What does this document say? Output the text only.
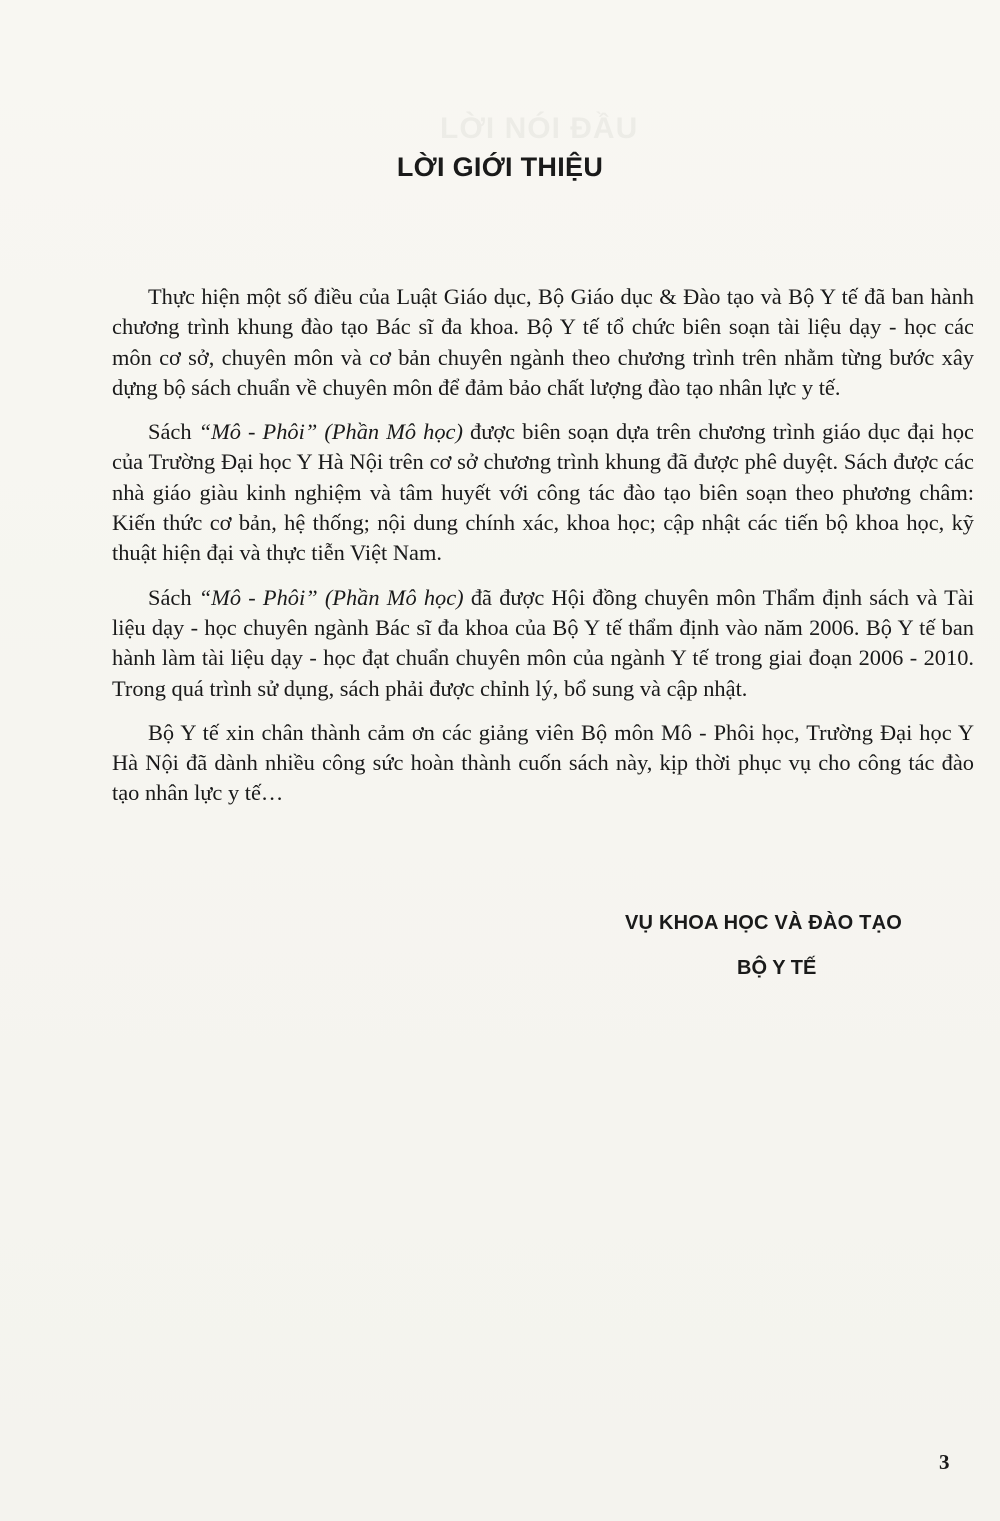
LỜI GIỚI THIỆU

Thực hiện một số điều của Luật Giáo dục, Bộ Giáo dục & Đào tạo và Bộ Y tế đã ban hành chương trình khung đào tạo Bác sĩ đa khoa. Bộ Y tế tổ chức biên soạn tài liệu dạy - học các môn cơ sở, chuyên môn và cơ bản chuyên ngành theo chương trình trên nhằm từng bước xây dựng bộ sách chuẩn về chuyên môn để đảm bảo chất lượng đào tạo nhân lực y tế.

Sách “Mô - Phôi” (Phần Mô học) được biên soạn dựa trên chương trình giáo dục đại học của Trường Đại học Y Hà Nội trên cơ sở chương trình khung đã được phê duyệt. Sách được các nhà giáo giàu kinh nghiệm và tâm huyết với công tác đào tạo biên soạn theo phương châm: Kiến thức cơ bản, hệ thống; nội dung chính xác, khoa học; cập nhật các tiến bộ khoa học, kỹ thuật hiện đại và thực tiễn Việt Nam.

Sách “Mô - Phôi” (Phần Mô học) đã được Hội đồng chuyên môn Thẩm định sách và Tài liệu dạy - học chuyên ngành Bác sĩ đa khoa của Bộ Y tế thẩm định vào năm 2006. Bộ Y tế ban hành làm tài liệu dạy - học đạt chuẩn chuyên môn của ngành Y tế trong giai đoạn 2006 - 2010. Trong quá trình sử dụng, sách phải được chỉnh lý, bổ sung và cập nhật.

Bộ Y tế xin chân thành cảm ơn các giảng viên Bộ môn Mô - Phôi học, Trường Đại học Y Hà Nội đã dành nhiều công sức hoàn thành cuốn sách này, kịp thời phục vụ cho công tác đào tạo nhân lực y tế…

VỤ KHOA HỌC VÀ ĐÀO TẠO
BỘ Y TẾ
3
